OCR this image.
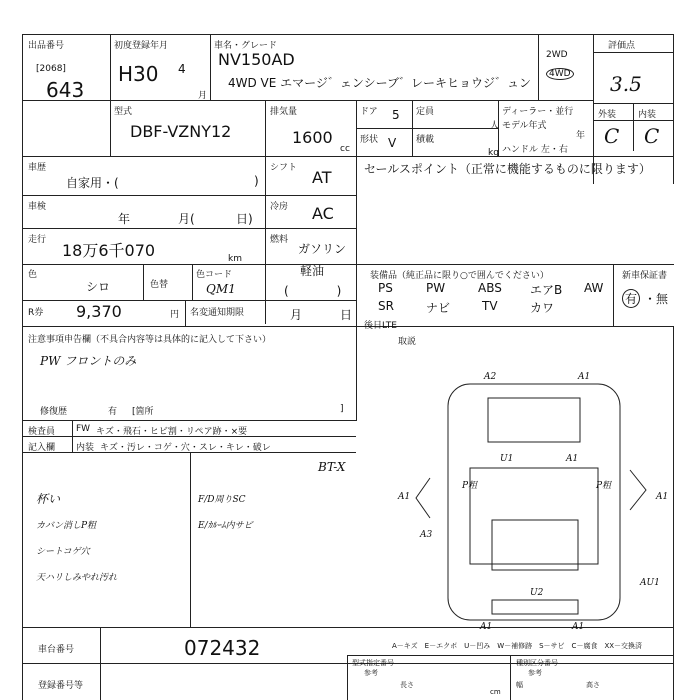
出品番号
[2068]
643
初度登録年月
H30 4
月
車名・グレード
NV150AD
4WD VE エマージ゛ェンシーブ゛レーキヒョウジ゛ュン
2WD
4WD
評価点
3.5
外装 内装
C C
型式
DBF-VZNY12
排気量
1600
cc
ドア 5
形状 V
定員
人
積載
kg
ディーラー・並行
モデル年式
年
ハンドル 左・右
車歴
自家用・(	)
シフト AT	セールスポイント（正常に機能するものに限ります）
車検
年	月(	日)
冷房 AC
走行
18万6千070	km
燃料
ガソリン
軽油
(　　　　)
色
シロ	色替
色コード
QM1
R券 9,370	円 名変通知期限	月	日
装備品（純正品に限り○で囲んでください）
PS	PW	ABS エアB AW
SR	ナビ	TV	カワ
新車保証書
有 ・無
後日LTE
取説
注意事項申告欄（不具合内容等は具体的に記入して下さい）
PW フロントのみ
修復歴	有 [箇所	]
検査員
記入欄
FW キズ・飛石・ヒビ割・リペア跡・×要
内装 キズ・汚レ・コゲ・穴・スレ・キレ・破レ
BT-X
杯い
カバン消しP粗
シートコゲ穴
天ハリしみやれ汚れ
F/D周りSC
E/ｶﾙｰﾑ内サビ
A2	A1
U1	A1
P粗	P粗
A1	A1
A3
AU1
U2
A1	A1
A－キズ　E－エクボ　U－凹み　W－補修跡　S－サビ　C－腐食　XX－交換済
車台番号	072432
登録番号等
型式指定番号
参考
長さ
cm
種別区分番号
参考
幅	高さ
